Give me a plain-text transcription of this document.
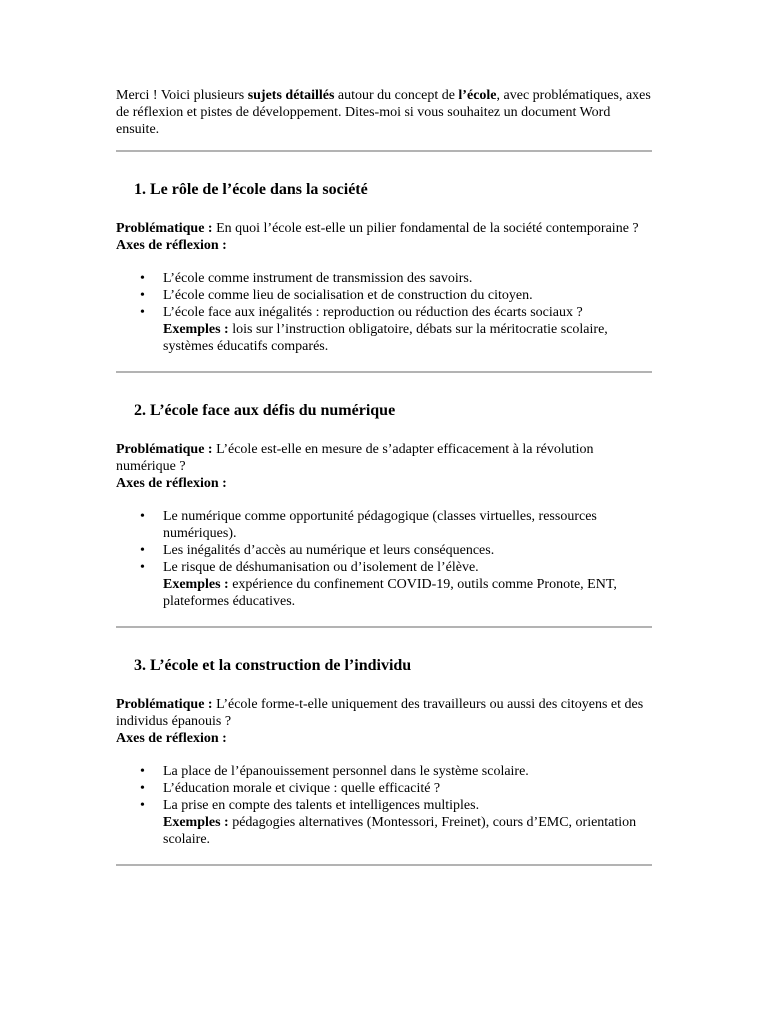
Merci ! Voici plusieurs sujets détaillés autour du concept de l’école, avec problématiques, axes de réflexion et pistes de développement. Dites-moi si vous souhaitez un document Word ensuite.

1. Le rôle de l’école dans la société

Problématique : En quoi l’école est-elle un pilier fondamental de la société contemporaine ?

Axes de réflexion :

• L’école comme instrument de transmission des savoirs.
• L’école comme lieu de socialisation et de construction du citoyen.
• L’école face aux inégalités : reproduction ou réduction des écarts sociaux ?
Exemples : lois sur l’instruction obligatoire, débats sur la méritocratie scolaire, systèmes éducatifs comparés.
2. L’école face aux défis du numérique

Problématique : L’école est-elle en mesure de s’adapter efficacement à la révolution numérique ?

Axes de réflexion :

• Le numérique comme opportunité pédagogique (classes virtuelles, ressources numériques).
• Les inégalités d’accès au numérique et leurs conséquences.
• Le risque de déshumanisation ou d’isolement de l’élève.
Exemples : expérience du confinement COVID-19, outils comme Pronote, ENT, plateformes éducatives.
3. L’école et la construction de l’individu

Problématique : L’école forme-t-elle uniquement des travailleurs ou aussi des citoyens et des individus épanouis ?

Axes de réflexion :

• La place de l’épanouissement personnel dans le système scolaire.
• L’éducation morale et civique : quelle efficacité ?
• La prise en compte des talents et intelligences multiples.
Exemples : pédagogies alternatives (Montessori, Freinet), cours d’EMC, orientation scolaire.
